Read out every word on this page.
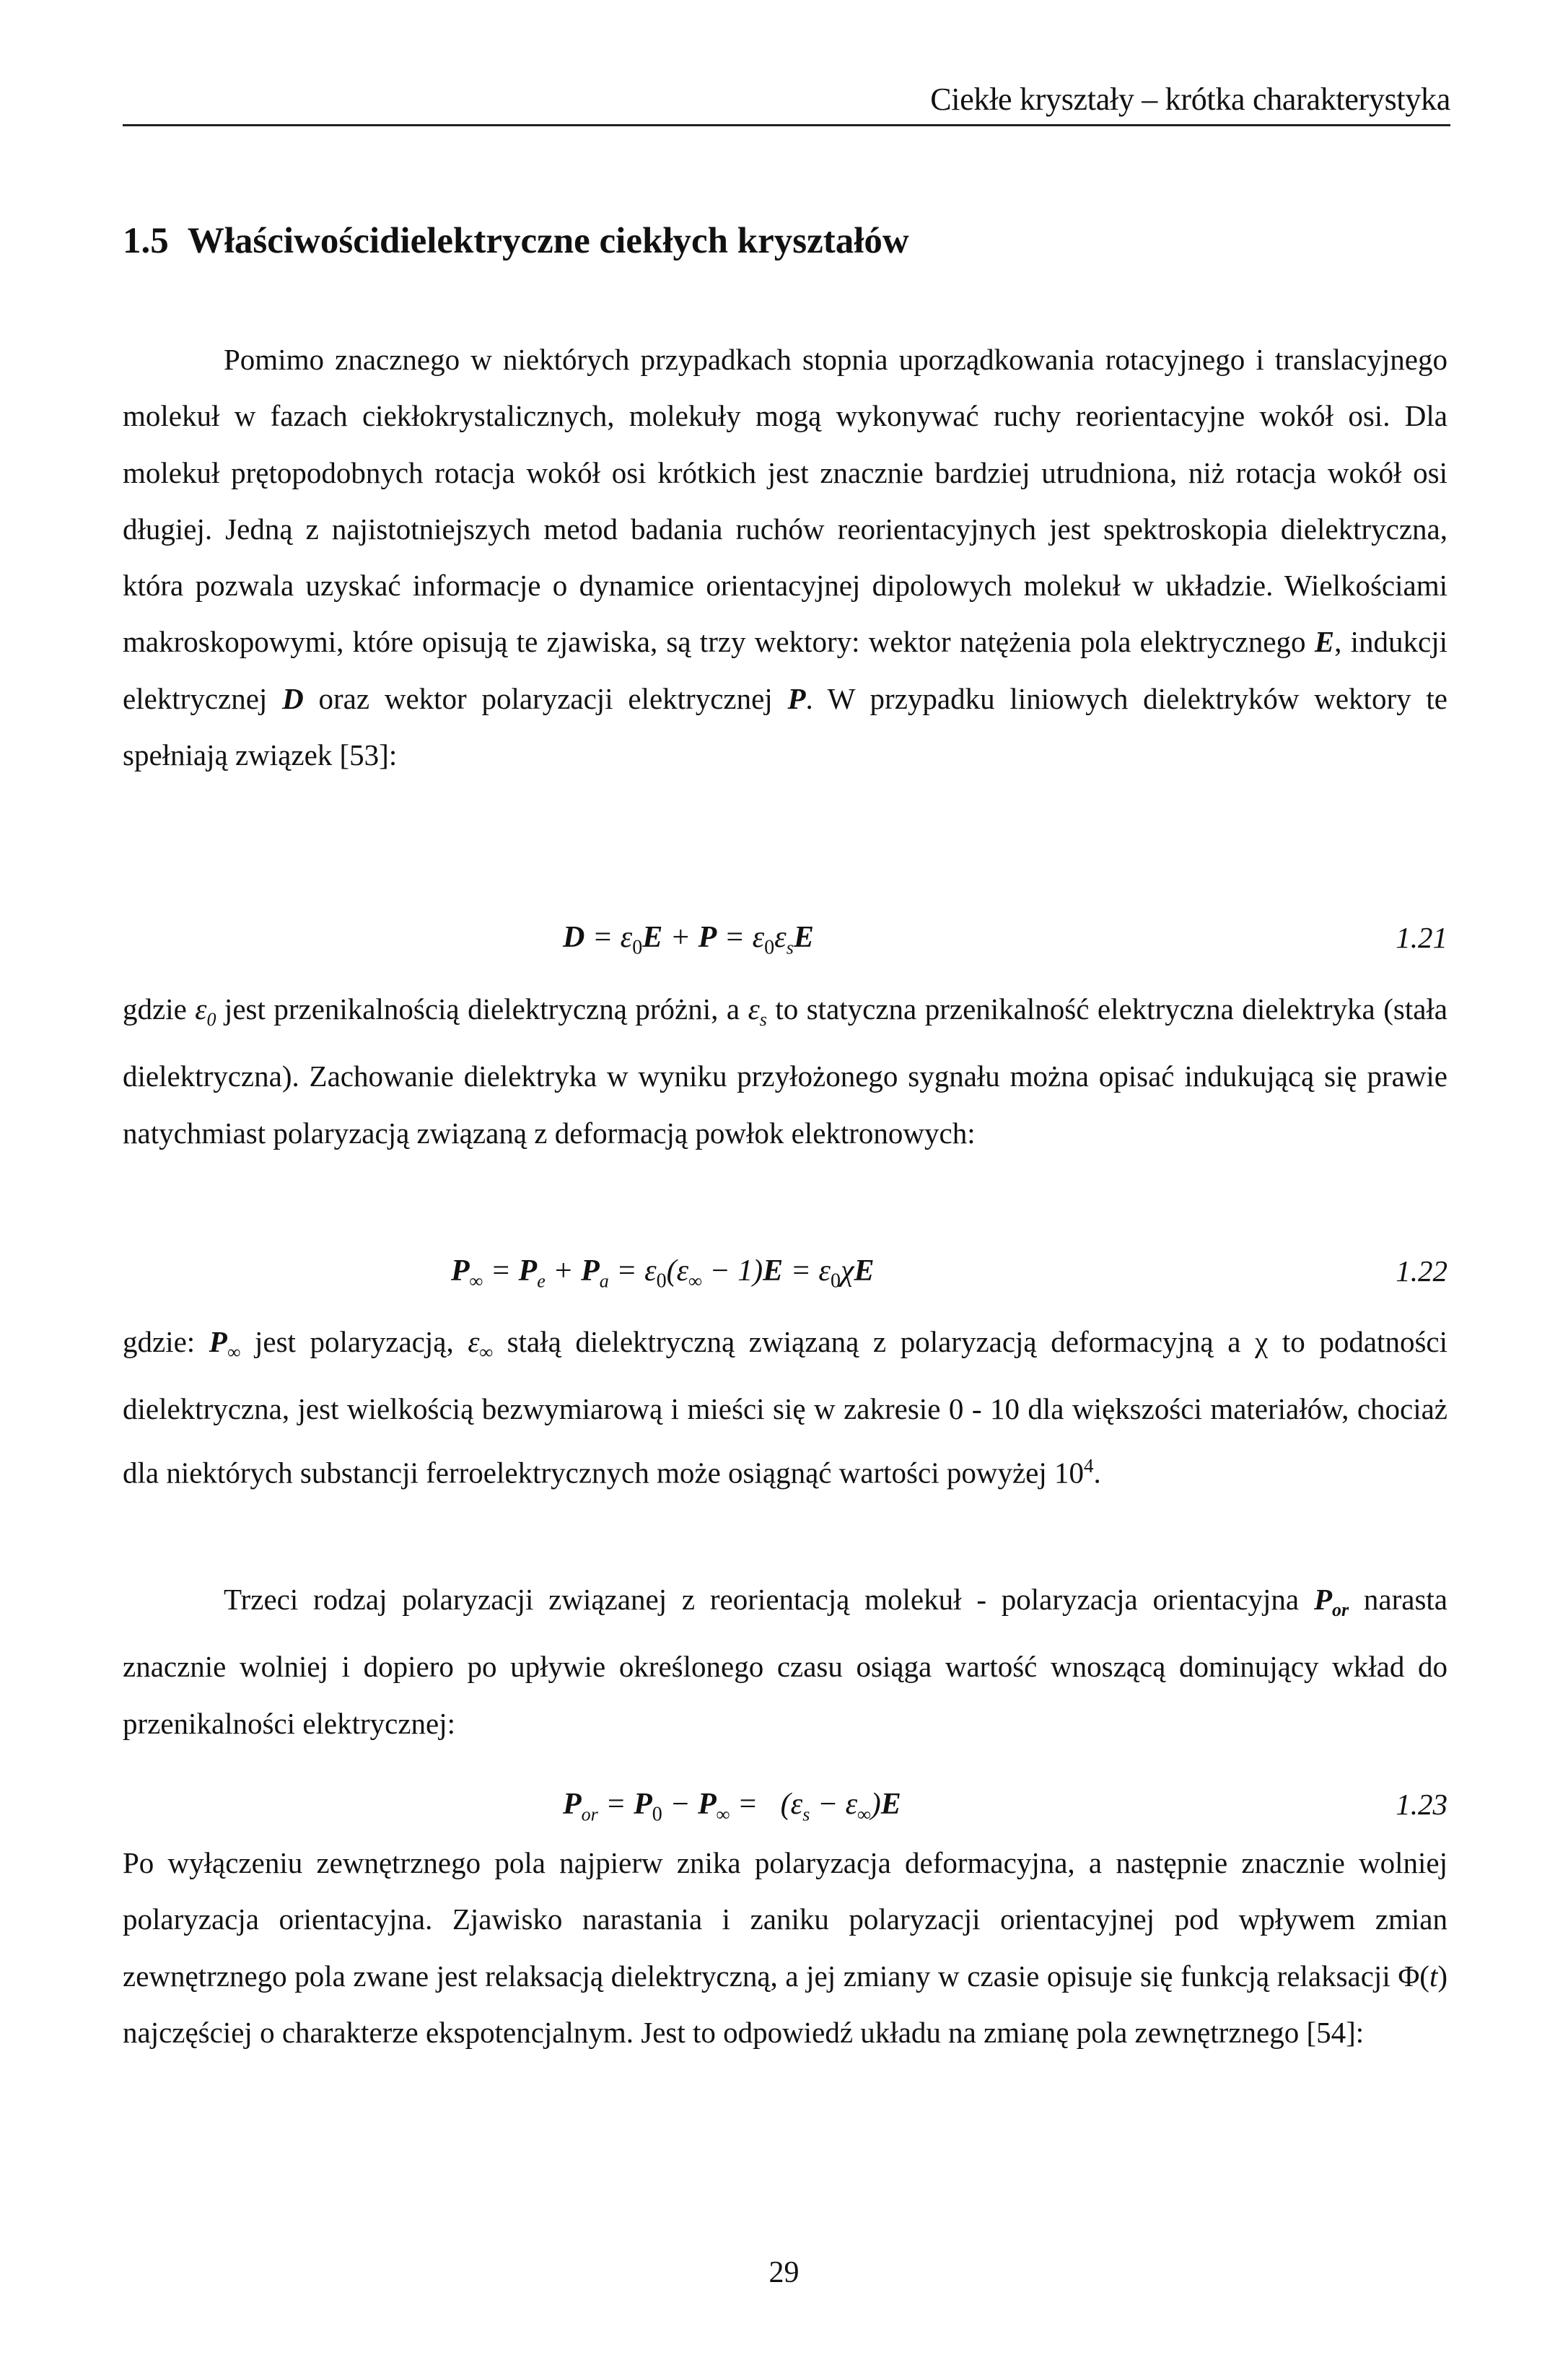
Ciekłe kryształy – krótka charakterystyka
1.5 Właściwościdielektryczne ciekłych kryształów
Pomimo znacznego w niektórych przypadkach stopnia uporządkowania rotacyjnego i translacyjnego molekuł w fazach ciekłokrystalicznych, molekuły mogą wykonywać ruchy reorientacyjne wokół osi. Dla molekuł prętopodobnych rotacja wokół osi krótkich jest znacznie bardziej utrudniona, niż rotacja wokół osi długiej. Jedną z najistotniejszych metod badania ruchów reorientacyjnych jest spektroskopia dielektryczna, która pozwala uzyskać informacje o dynamice orientacyjnej dipolowych molekuł w układzie. Wielkościami makroskopowymi, które opisują te zjawiska, są trzy wektory: wektor natężenia pola elektrycznego E, indukcji elektrycznej D oraz wektor polaryzacji elektrycznej P. W przypadku liniowych dielektryków wektory te spełniają związek [53]:
$D = \varepsilon_0E + P = \varepsilon_0\varepsilon_sE$	1.21
gdzie $\varepsilon_0$ jest przenikalnością dielektryczną próżni, a $\varepsilon_s$ to statyczna przenikalność elektryczna dielektryka (stała dielektryczna). Zachowanie dielektryka w wyniku przyłożonego sygnału można opisać indukującą się prawie natychmiast polaryzacją związaną z deformacją powłok elektronowych:
$P_\infty = P_e + P_a = \varepsilon_0(\varepsilon_\infty - 1)E = \varepsilon_0\chi E$	1.22
gdzie: $P_\infty$ jest polaryzacją, $\varepsilon_\infty$ stałą dielektryczną związaną z polaryzacją deformacyjną a χ to podatności dielektryczna, jest wielkością bezwymiarową i mieści się w zakresie 0 - 10 dla większości materiałów, chociaż dla niektórych substancji ferroelektrycznych może osiągnąć wartości powyżej $10^4$.
Trzeci rodzaj polaryzacji związanej z reorientacją molekuł - polaryzacja orientacyjna $P_{or}$ narasta znacznie wolniej i dopiero po upływie określonego czasu osiąga wartość wnoszącą dominujący wkład do przenikalności elektrycznej:
$P_{or} = P_0 - P_\infty = (\varepsilon_s - \varepsilon_\infty)E$	1.23
Po wyłączeniu zewnętrznego pola najpierw znika polaryzacja deformacyjna, a następnie znacznie wolniej polaryzacja orientacyjna. Zjawisko narastania i zaniku polaryzacji orientacyjnej pod wpływem zmian zewnętrznego pola zwane jest relaksacją dielektryczną, a jej zmiany w czasie opisuje się funkcją relaksacji Φ(t) najczęściej o charakterze ekspotencjalnym. Jest to odpowiedź układu na zmianę pola zewnętrznego [54]:
29
